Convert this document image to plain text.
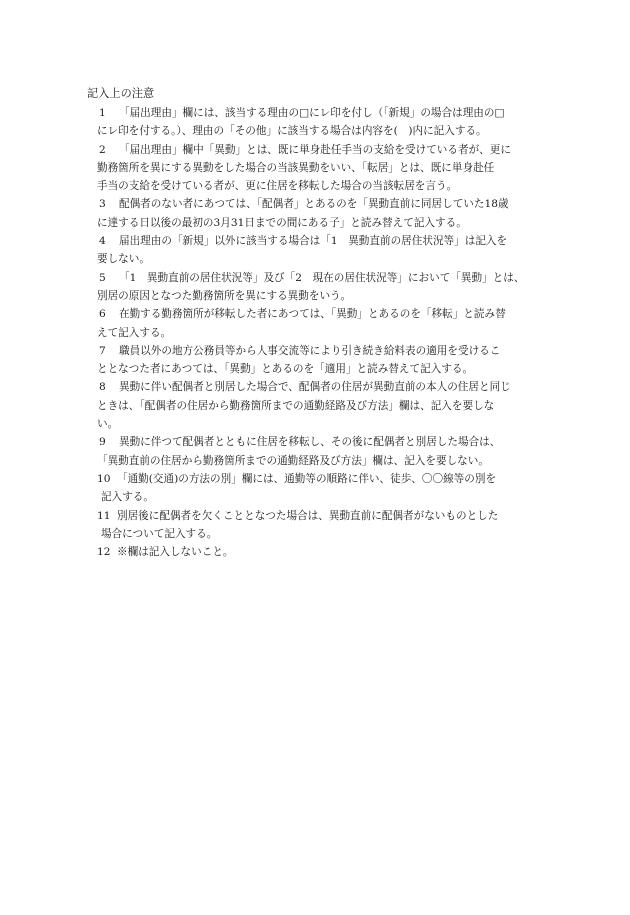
記入上の注意
1 「届出理由」欄には、該当する理由の□にレ印を付し（「新規」の場合は理由の□
にレ印を付する。）、理由の「その他」に該当する場合は内容を(　)内に記入する。
2 「届出理由」欄中「異動」とは、既に単身赴任手当の支給を受けている者が、更に
勤務箇所を異にする異動をした場合の当該異動をいい、「転居」とは、既に単身赴任
手当の支給を受けている者が、更に住居を移転した場合の当該転居を言う。
3 配偶者のない者にあつては、「配偶者」とあるのを「異動直前に同居していた18歳
に達する日以後の最初の3月31日までの間にある子」と読み替えて記入する。
4 届出理由の「新規」以外に該当する場合は「1　異動直前の居住状況等」は記入を
要しない。
5 「1　異動直前の居住状況等」及び「2　現在の居住状況等」において「異動」とは、
別居の原因となつた勤務箇所を異にする異動をいう。
6 在勤する勤務箇所が移転した者にあつては、「異動」とあるのを「移転」と読み替
えて記入する。
7 職員以外の地方公務員等から人事交流等により引き続き給料表の適用を受けるこ
ととなつた者にあつては、「異動」とあるのを「適用」と読み替えて記入する。
8 異動に伴い配偶者と別居した場合で、配偶者の住居が異動直前の本人の住居と同じ
ときは、「配偶者の住居から勤務箇所までの通勤経路及び方法」欄は、記入を要しな
い。
9 異動に伴つて配偶者とともに住居を移転し、その後に配偶者と別居した場合は、
「異動直前の住居から勤務箇所までの通勤経路及び方法」欄は、記入を要しない。
10 「通勤(交通)の方法の別」欄には、通勤等の順路に伴い、徒歩、〇〇線等の別を
記入する。
11 別居後に配偶者を欠くこととなつた場合は、異動直前に配偶者がないものとした
場合について記入する。
12 ※欄は記入しないこと。
